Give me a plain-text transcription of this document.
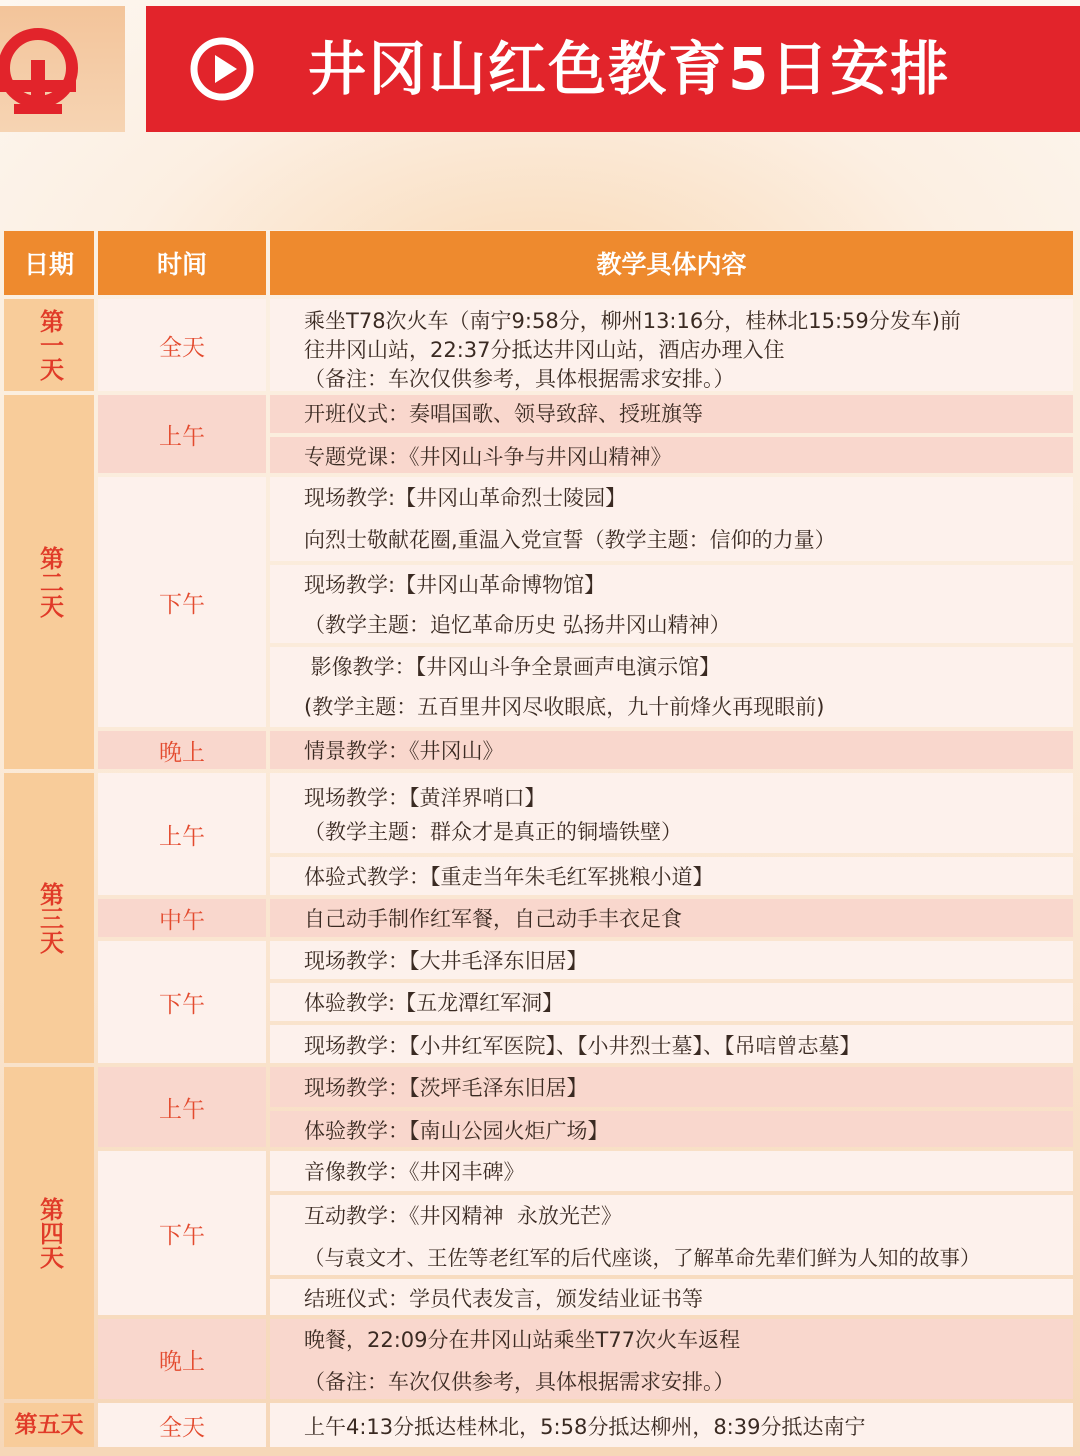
井冈山红色教育5日安排
日期	时间	教学具体内容
第一天
第二天
第三天
第四天
第五天
全天
上午
下午
晚上
上午
中午
下午
上午
下午
晚上
全天
乘坐T78次火车（南宁9:58分，柳州13:16分，桂林北15:59分发车)前
往井冈山站，22:37分抵达井冈山站，酒店办理入住
（备注：车次仅供参考，具体根据需求安排。）
开班仪式：奏唱国歌、领导致辞、授班旗等
专题党课：《井冈山斗争与井冈山精神》
现场教学:【井冈山革命烈士陵园】
向烈士敬献花圈,重温入党宣誓（教学主题：信仰的力量）
现场教学:【井冈山革命博物馆】
（教学主题：追忆革命历史 弘扬井冈山精神）
影像教学：【井冈山斗争全景画声电演示馆】
(教学主题：五百里井冈尽收眼底，九十前烽火再现眼前)
情景教学：《井冈山》
现场教学：【黄洋界哨口】
（教学主题：群众才是真正的铜墙铁壁）
体验式教学：【重走当年朱毛红军挑粮小道】
自己动手制作红军餐，自己动手丰衣足食
现场教学：【大井毛泽东旧居】
体验教学:【五龙潭红军洞】
现场教学：【小井红军医院】、【小井烈士墓】、【吊唁曾志墓】
现场教学：【茨坪毛泽东旧居】
体验教学：【南山公园火炬广场】
音像教学：《井冈丰碑》
互动教学：《井冈精神  永放光芒》
（与袁文才、王佐等老红军的后代座谈，了解革命先辈们鲜为人知的故事）
结班仪式：学员代表发言，颁发结业证书等
晚餐，22:09分在井冈山站乘坐T77次火车返程
（备注：车次仅供参考，具体根据需求安排。）
上午4:13分抵达桂林北，5:58分抵达柳州，8:39分抵达南宁
